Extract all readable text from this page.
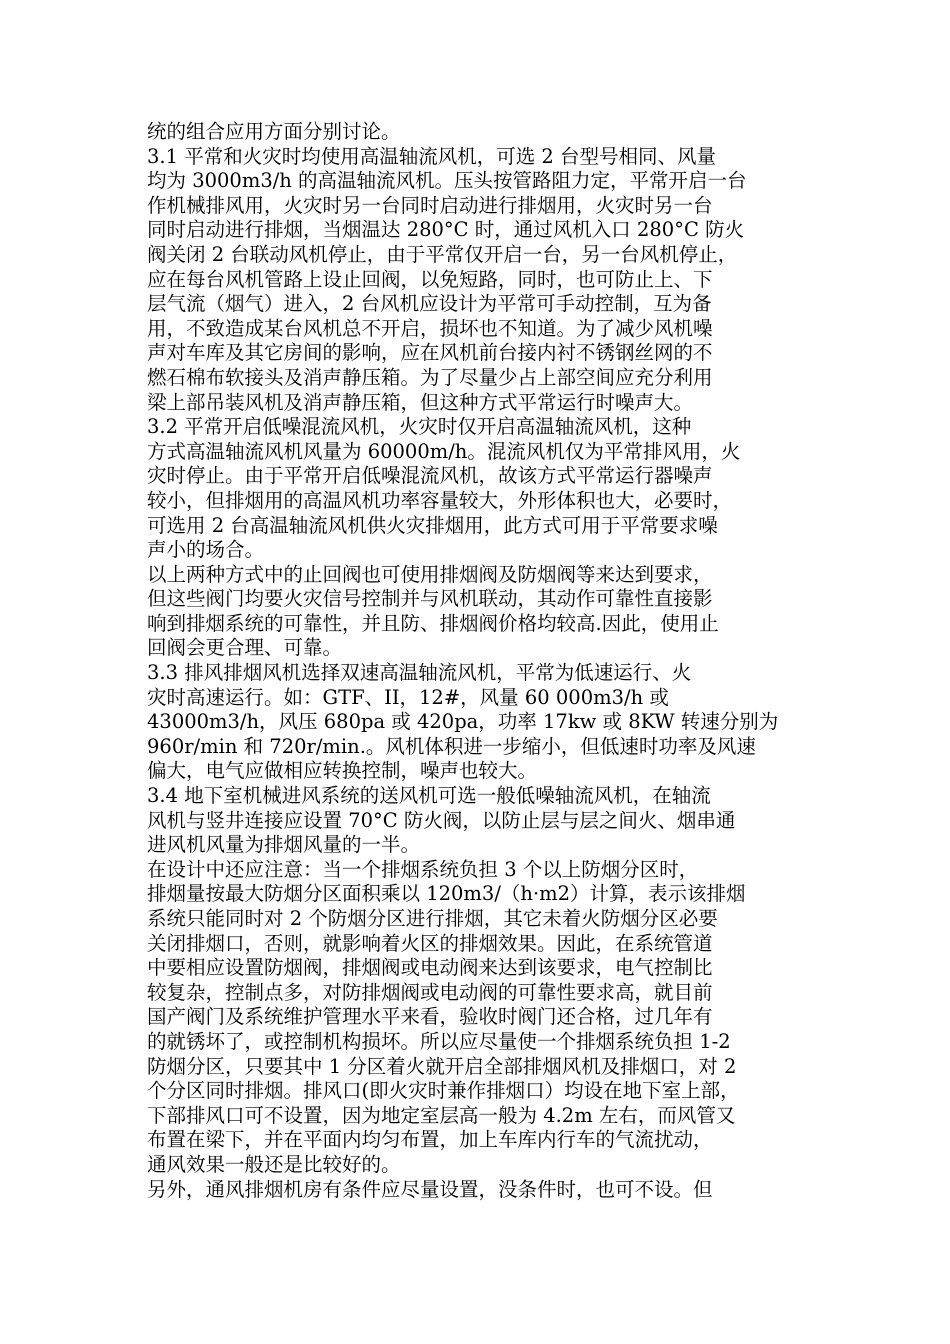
统的组合应用方面分别讨论。
3.1 平常和火灾时均使用高温轴流风机，可选 2 台型号相同、风量
均为 3000m3/h 的高温轴流风机。压头按管路阻力定，平常开启一台
作机械排风用，火灾时另一台同时启动进行排烟用，火灾时另一台
同时启动进行排烟，当烟温达 280°C 时，通过风机入口 280°C 防火
阀关闭 2 台联动风机停止，由于平常仅开启一台，另一台风机停止，
应在每台风机管路上设止回阀，以免短路，同时，也可防止上、下
层气流（烟气）进入，2 台风机应设计为平常可手动控制，互为备
用，不致造成某台风机总不开启，损坏也不知道。为了减少风机噪
声对车库及其它房间的影响，应在风机前台接内衬不锈钢丝网的不
燃石棉布软接头及消声静压箱。为了尽量少占上部空间应充分利用
梁上部吊装风机及消声静压箱，但这种方式平常运行时噪声大。
3.2 平常开启低噪混流风机，火灾时仅开启高温轴流风机，这种
方式高温轴流风机风量为 60000m/h。混流风机仅为平常排风用，火
灾时停止。由于平常开启低噪混流风机，故该方式平常运行器噪声
较小，但排烟用的高温风机功率容量较大，外形体积也大，必要时，
可选用 2 台高温轴流风机供火灾排烟用，此方式可用于平常要求噪
声小的场合。
以上两种方式中的止回阀也可使用排烟阀及防烟阀等来达到要求，
但这些阀门均要火灾信号控制并与风机联动，其动作可靠性直接影
响到排烟系统的可靠性，并且防、排烟阀价格均较高.因此，使用止
回阀会更合理、可靠。
3.3 排风排烟风机选择双速高温轴流风机，平常为低速运行、火
灾时高速运行。如：GTF、II，12#，风量 60 000m3/h 或
43000m3/h，风压 680pa 或 420pa，功率 17kw 或 8KW 转速分别为
960r/min 和 720r/min.。风机体积进一步缩小，但低速时功率及风速
偏大，电气应做相应转换控制，噪声也较大。
3.4 地下室机械进风系统的送风机可选一般低噪轴流风机，在轴流
风机与竖井连接应设置 70°C 防火阀，以防止层与层之间火、烟串通
进风机风量为排烟风量的一半。
在设计中还应注意：当一个排烟系统负担 3 个以上防烟分区时，
排烟量按最大防烟分区面积乘以 120m3/（h·m2）计算，表示该排烟
系统只能同时对 2 个防烟分区进行排烟，其它未着火防烟分区必要
关闭排烟口，否则，就影响着火区的排烟效果。因此，在系统管道
中要相应设置防烟阀，排烟阀或电动阀来达到该要求，电气控制比
较复杂，控制点多，对防排烟阀或电动阀的可靠性要求高，就目前
国产阀门及系统维护管理水平来看，验收时阀门还合格，过几年有
的就锈坏了，或控制机构损坏。所以应尽量使一个排烟系统负担 1-2
防烟分区，只要其中 1 分区着火就开启全部排烟风机及排烟口，对 2
个分区同时排烟。排风口(即火灾时兼作排烟口）均设在地下室上部，
下部排风口可不设置，因为地定室层高一般为 4.2m 左右，而风管又
布置在梁下，并在平面内均匀布置，加上车库内行车的气流扰动，
通风效果一般还是比较好的。
另外，通风排烟机房有条件应尽量设置，没条件时，也可不设。但
